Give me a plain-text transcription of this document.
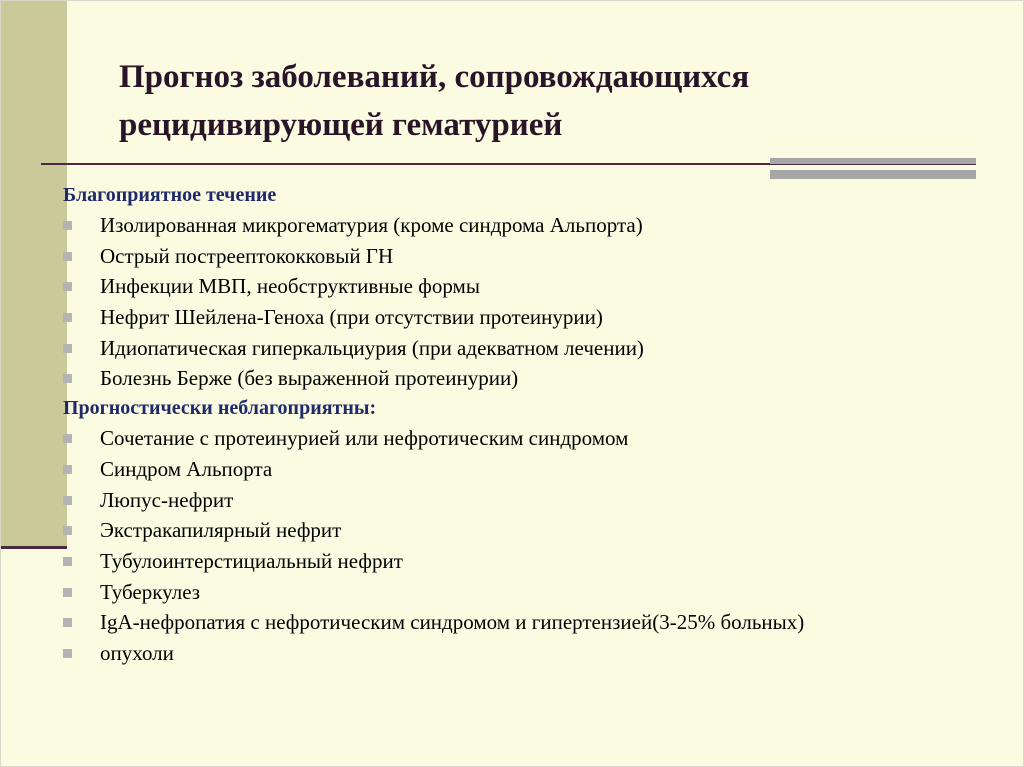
Прогноз заболеваний, сопровождающихся
рецидивирующей гематурией
Благоприятное течение
Изолированная микрогематурия (кроме синдрома Альпорта)
Острый постреептококковый ГН
Инфекции МВП, необструктивные формы
Нефрит Шейлена-Геноха (при отсутствии протеинурии)
Идиопатическая гиперкальциурия (при адекватном лечении)
Болезнь Берже (без выраженной протеинурии)
Прогностически неблагоприятны:
Сочетание с протеинурией или нефротическим синдромом
Синдром Альпорта
Люпус-нефрит
Экстракапилярный нефрит
Тубулоинтерстициальный нефрит
Туберкулез
IgA-нефропатия с нефротическим синдромом и гипертензией(3-25% больных)
опухоли
